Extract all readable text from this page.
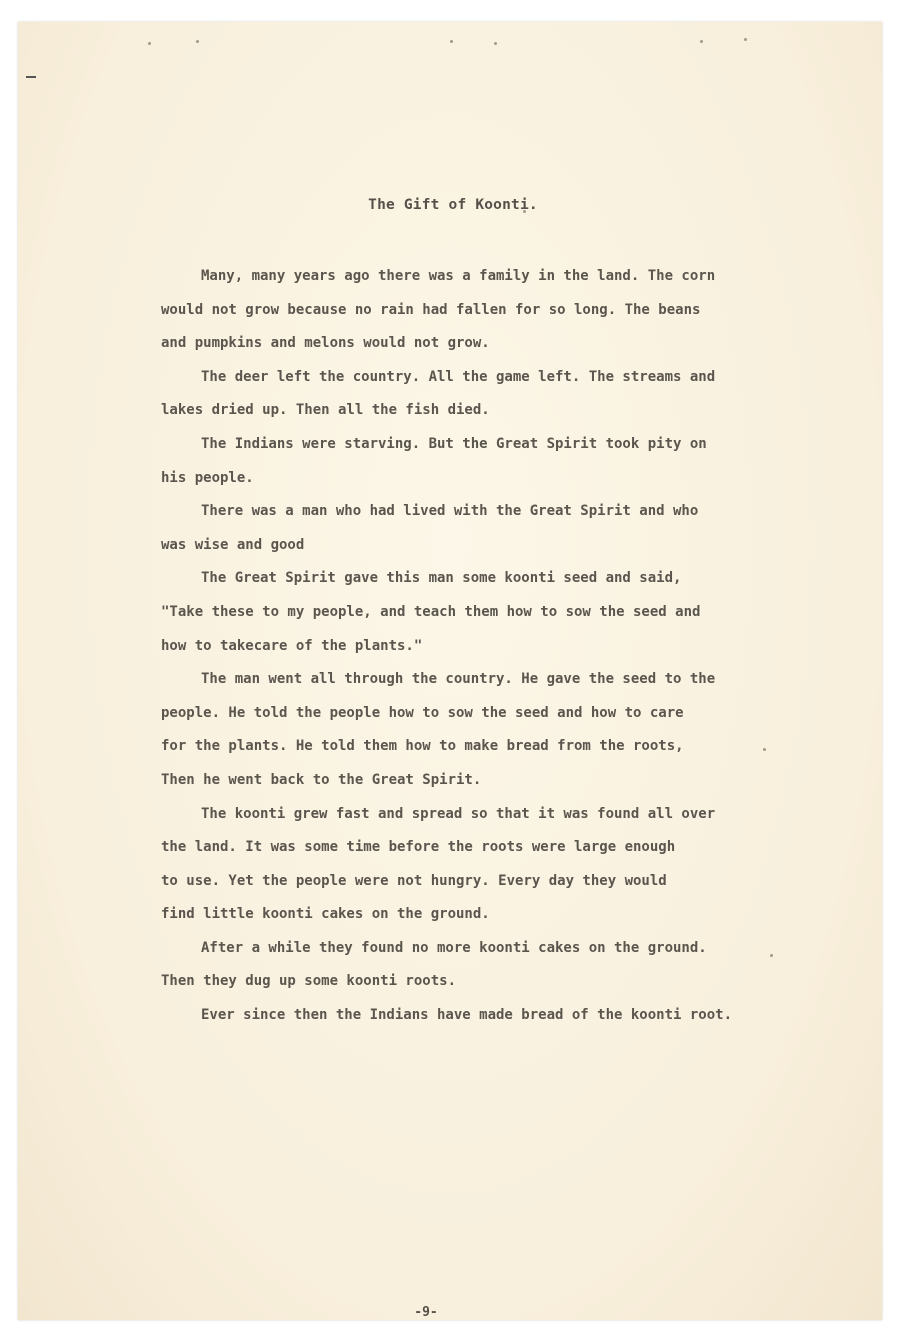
The Gift of Koonti.

Many, many years ago there was a family in the land. The corn
would not grow because no rain had fallen for so long. The beans
and pumpkins and melons would not grow.

The deer left the country. All the game left. The streams and
lakes dried up. Then all the fish died.

The Indians were starving. But the Great Spirit took pity on
his people.

There was a man who had lived with the Great Spirit and who
was wise and good

The Great Spirit gave this man some koonti seed and said,
"Take these to my people, and teach them how to sow the seed and
how to takecare of the plants."

The man went all through the country. He gave the seed to the
people. He told the people how to sow the seed and how to care
for the plants. He told them how to make bread from the roots,
Then he went back to the Great Spirit.

The koonti grew fast and spread so that it was found all over
the land. It was some time before the roots were large enough
to use. Yet the people were not hungry. Every day they would
find little koonti cakes on the ground.

After a while they found no more koonti cakes on the ground.
Then they dug up some koonti roots.

Ever since then the Indians have made bread of the koonti root.

-9-
